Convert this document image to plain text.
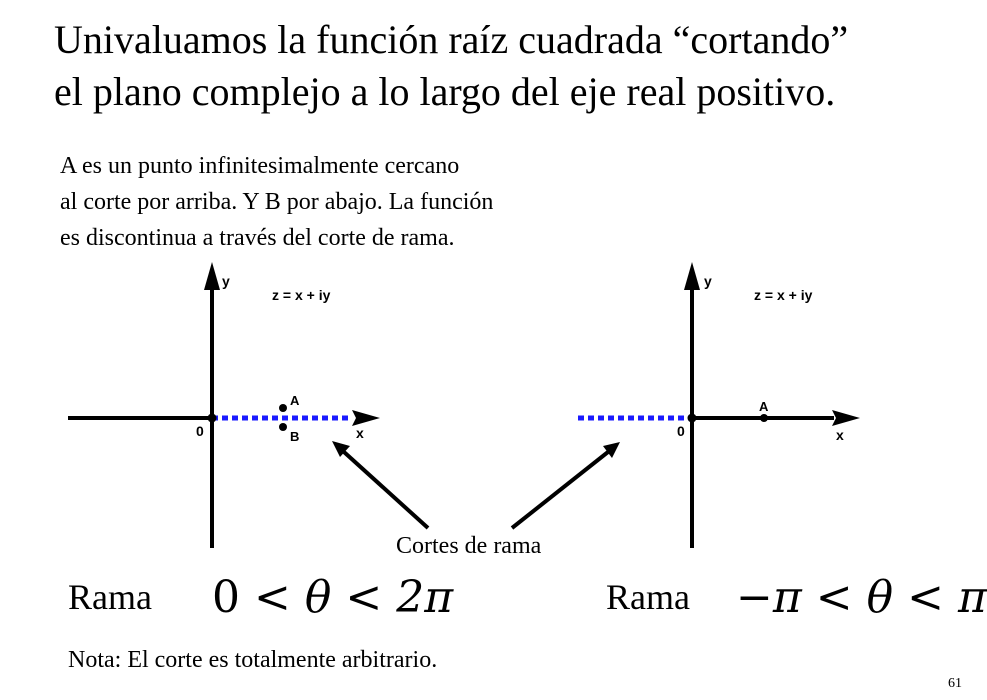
Univaluamos la función raíz cuadrada “cortando”
el plano complejo a lo largo del eje real positivo.
A es un punto infinitesimalmente cercano
al corte por arriba. Y B por abajo. La función
es discontinua a través del corte de rama.
y
z = x + iy
0
A
B	x
y
z = x + iy
0
A
x
Cortes de rama
Rama 0 < θ < 2π	Rama −π < θ < π
Nota: El corte es totalmente arbitrario.
61
